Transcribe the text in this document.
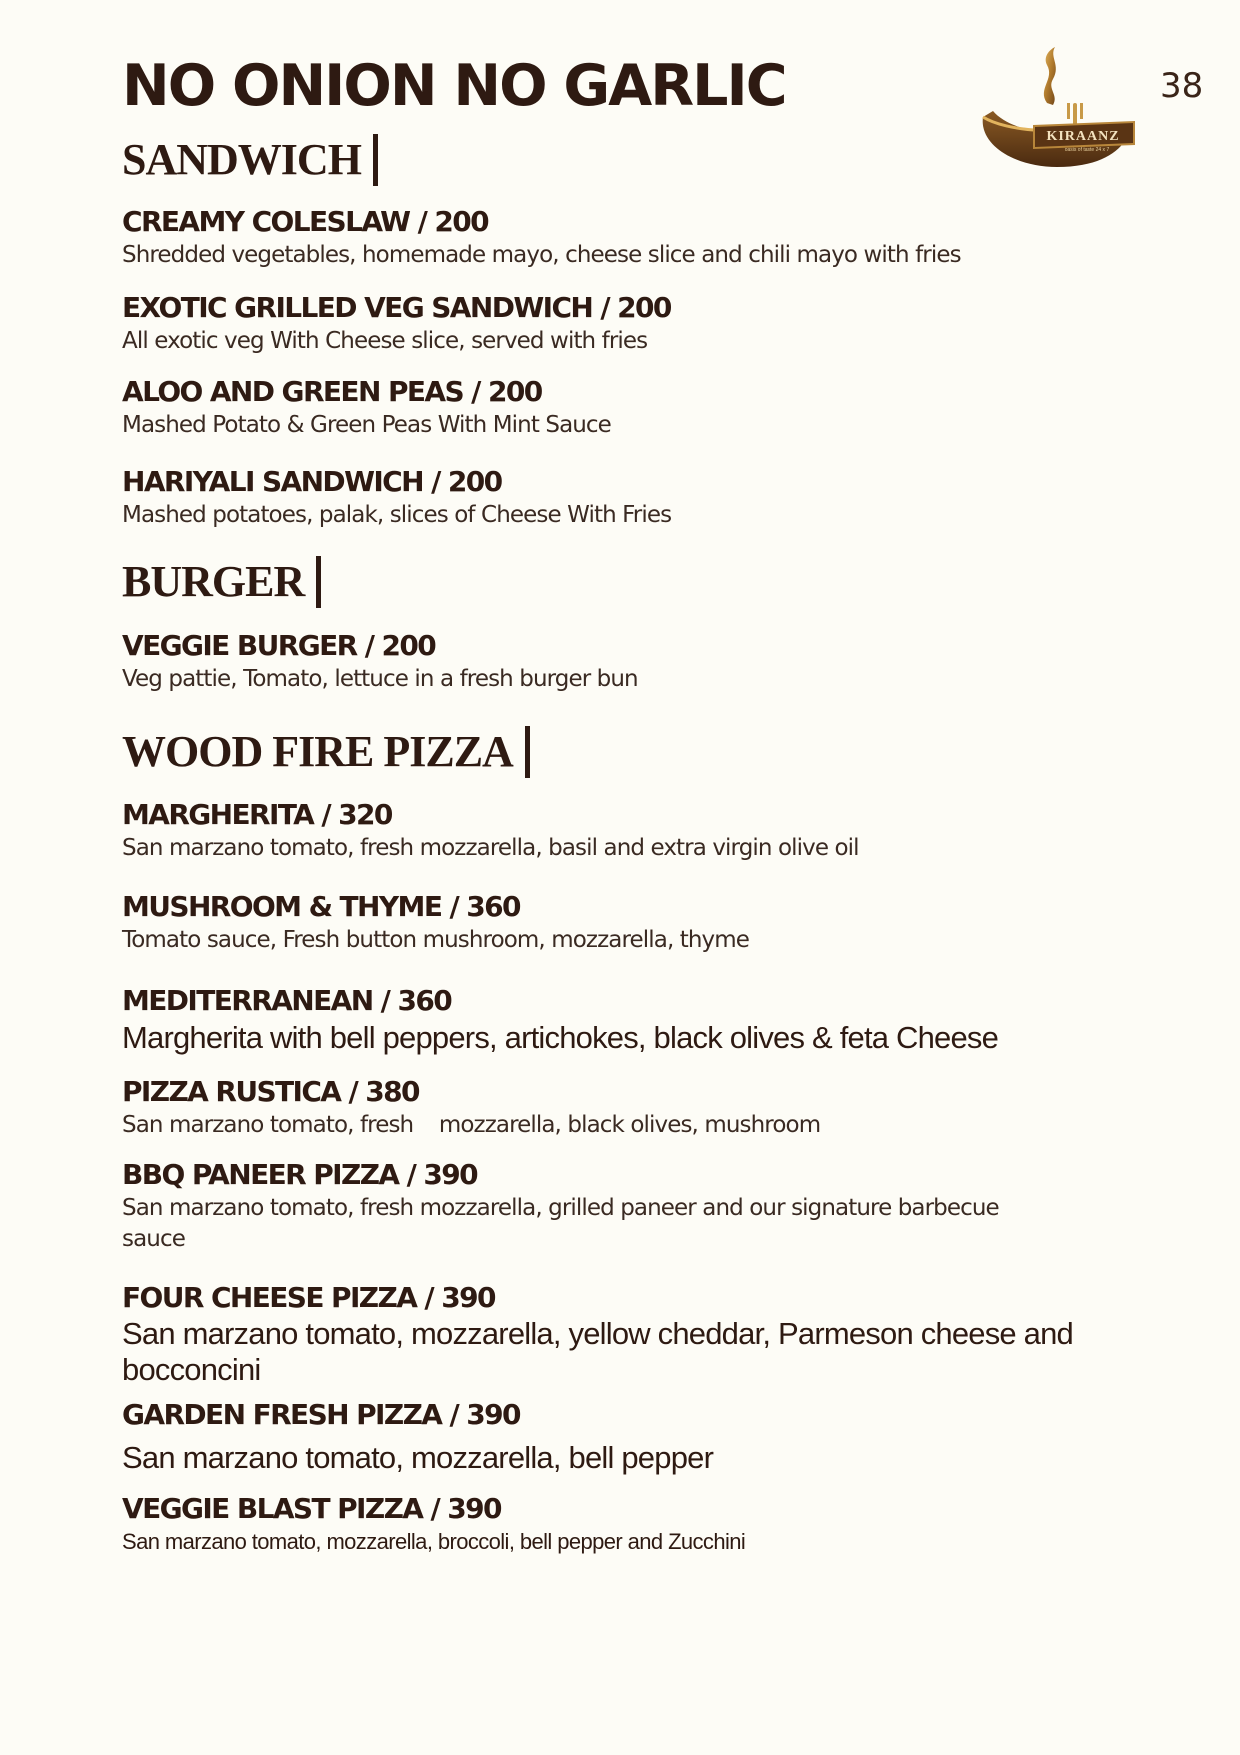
NO ONION NO GARLIC	38
KIRAANZ
oasis of taste 24 x 7
SANDWICH
CREAMY COLESLAW / 200
Shredded vegetables, homemade mayo, cheese slice and chili mayo with fries
EXOTIC GRILLED VEG SANDWICH / 200
All exotic veg With Cheese slice, served with fries
ALOO AND GREEN PEAS / 200
Mashed Potato & Green Peas With Mint Sauce
HARIYALI SANDWICH / 200
Mashed potatoes, palak, slices of Cheese With Fries
BURGER
VEGGIE BURGER / 200
Veg pattie, Tomato, lettuce in a fresh burger bun
WOOD FIRE PIZZA
MARGHERITA / 320
San marzano tomato, fresh mozzarella, basil and extra virgin olive oil
MUSHROOM & THYME / 360
Tomato sauce, Fresh button mushroom, mozzarella, thyme
MEDITERRANEAN / 360
Margherita with bell peppers, artichokes, black olives & feta Cheese
PIZZA RUSTICA / 380
San marzano tomato, fresh    mozzarella, black olives, mushroom
BBQ PANEER PIZZA / 390
San marzano tomato, fresh mozzarella, grilled paneer and our signature barbecue sauce
FOUR CHEESE PIZZA / 390
San marzano tomato, mozzarella, yellow cheddar, Parmeson cheese and bocconcini
GARDEN FRESH PIZZA / 390
San marzano tomato, mozzarella, bell pepper
VEGGIE BLAST PIZZA / 390
San marzano tomato, mozzarella, broccoli, bell pepper and Zucchini
